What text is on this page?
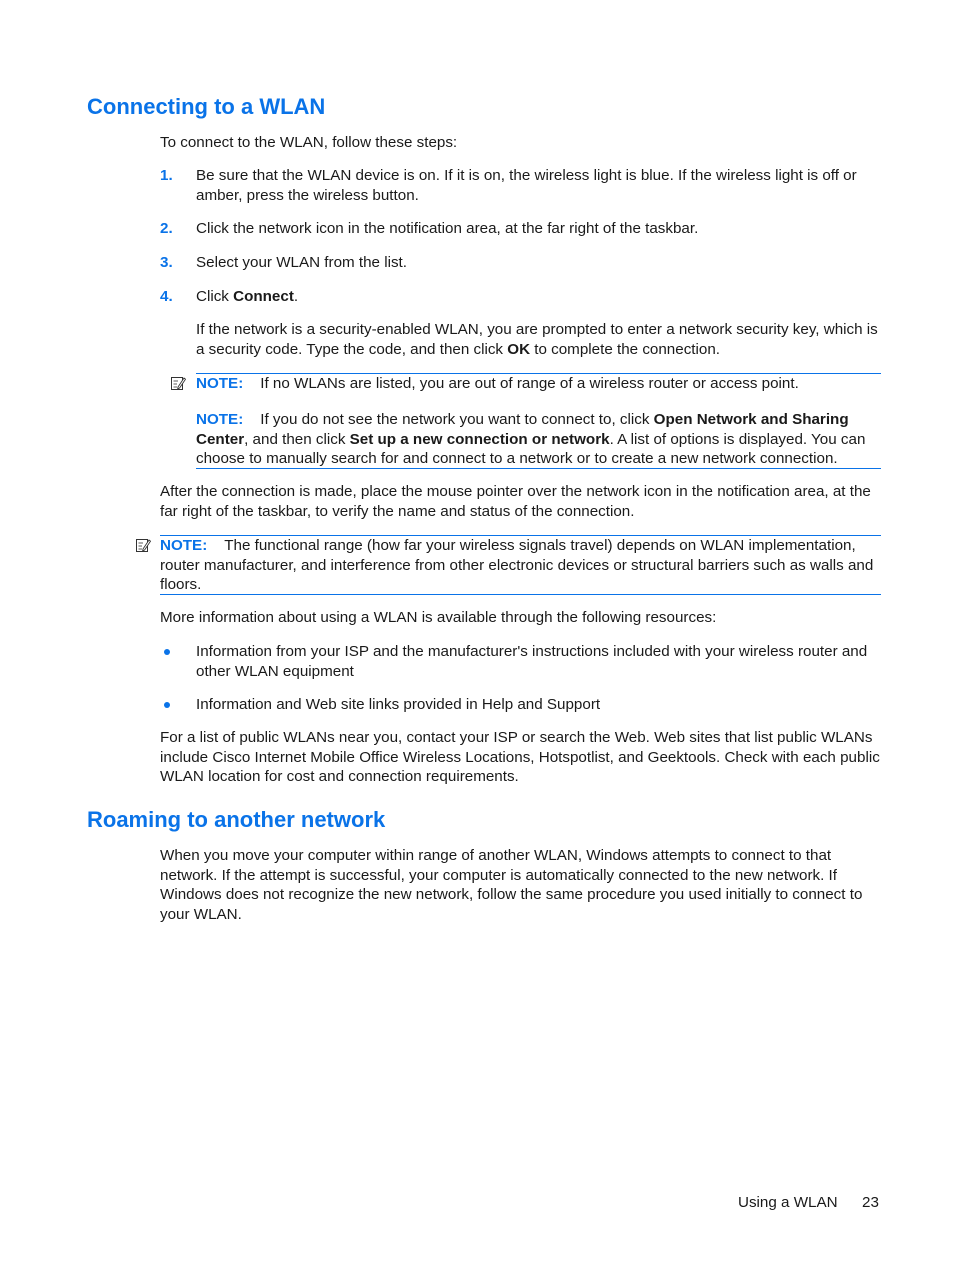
Connecting to a WLAN
To connect to the WLAN, follow these steps:
1. Be sure that the WLAN device is on. If it is on, the wireless light is blue. If the wireless light is off or amber, press the wireless button.
2. Click the network icon in the notification area, at the far right of the taskbar.
3. Select your WLAN from the list.
4. Click Connect.
If the network is a security-enabled WLAN, you are prompted to enter a network security key, which is a security code. Type the code, and then click OK to complete the connection.
NOTE: If no WLANs are listed, you are out of range of a wireless router or access point.
NOTE: If you do not see the network you want to connect to, click Open Network and Sharing Center, and then click Set up a new connection or network. A list of options is displayed. You can choose to manually search for and connect to a network or to create a new network connection.
After the connection is made, place the mouse pointer over the network icon in the notification area, at the far right of the taskbar, to verify the name and status of the connection.
NOTE: The functional range (how far your wireless signals travel) depends on WLAN implementation, router manufacturer, and interference from other electronic devices or structural barriers such as walls and floors.
More information about using a WLAN is available through the following resources:
Information from your ISP and the manufacturer's instructions included with your wireless router and other WLAN equipment
Information and Web site links provided in Help and Support
For a list of public WLANs near you, contact your ISP or search the Web. Web sites that list public WLANs include Cisco Internet Mobile Office Wireless Locations, Hotspotlist, and Geektools. Check with each public WLAN location for cost and connection requirements.
Roaming to another network
When you move your computer within range of another WLAN, Windows attempts to connect to that network. If the attempt is successful, your computer is automatically connected to the new network. If Windows does not recognize the new network, follow the same procedure you used initially to connect to your WLAN.
Using a WLAN 23
